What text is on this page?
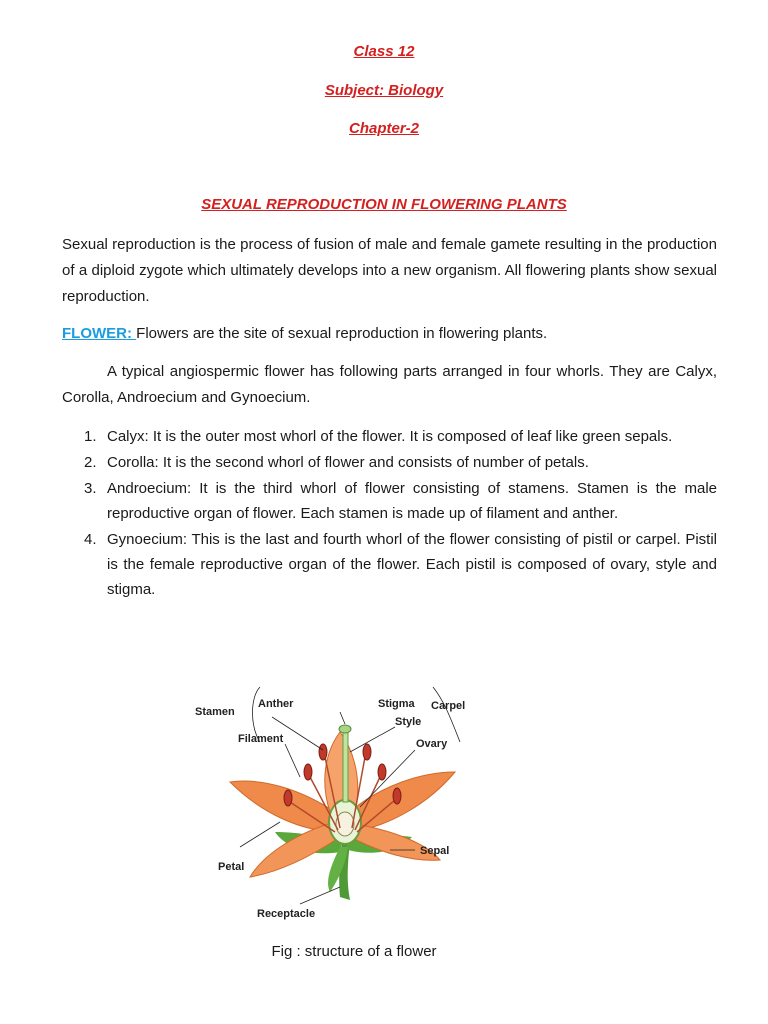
Class 12
Subject: Biology
Chapter-2
SEXUAL REPRODUCTION IN FLOWERING PLANTS
Sexual reproduction is the process of fusion of male and female gamete resulting in the production of a diploid zygote which ultimately develops into a new organism. All flowering plants show sexual reproduction.
FLOWER: Flowers are the site of sexual reproduction in flowering plants.
A typical angiospermic flower has following parts arranged in four whorls. They are Calyx, Corolla, Androecium and Gynoecium.
1. Calyx: It is the outer most whorl of the flower. It is composed of leaf like green sepals.
2. Corolla: It is the second whorl of flower and consists of number of petals.
3. Androecium: It is the third whorl of flower consisting of stamens. Stamen is the male reproductive organ of flower. Each stamen is made up of filament and anther.
4. Gynoecium: This is the last and fourth whorl of the flower consisting of pistil or carpel. Pistil is the female reproductive organ of the flower. Each pistil is composed of ovary, style and stigma.
Stamen
Anther
Filament
Stigma Carpel
Style
Ovary
Petal
Sepal
Receptacle
Fig : structure of a flower
